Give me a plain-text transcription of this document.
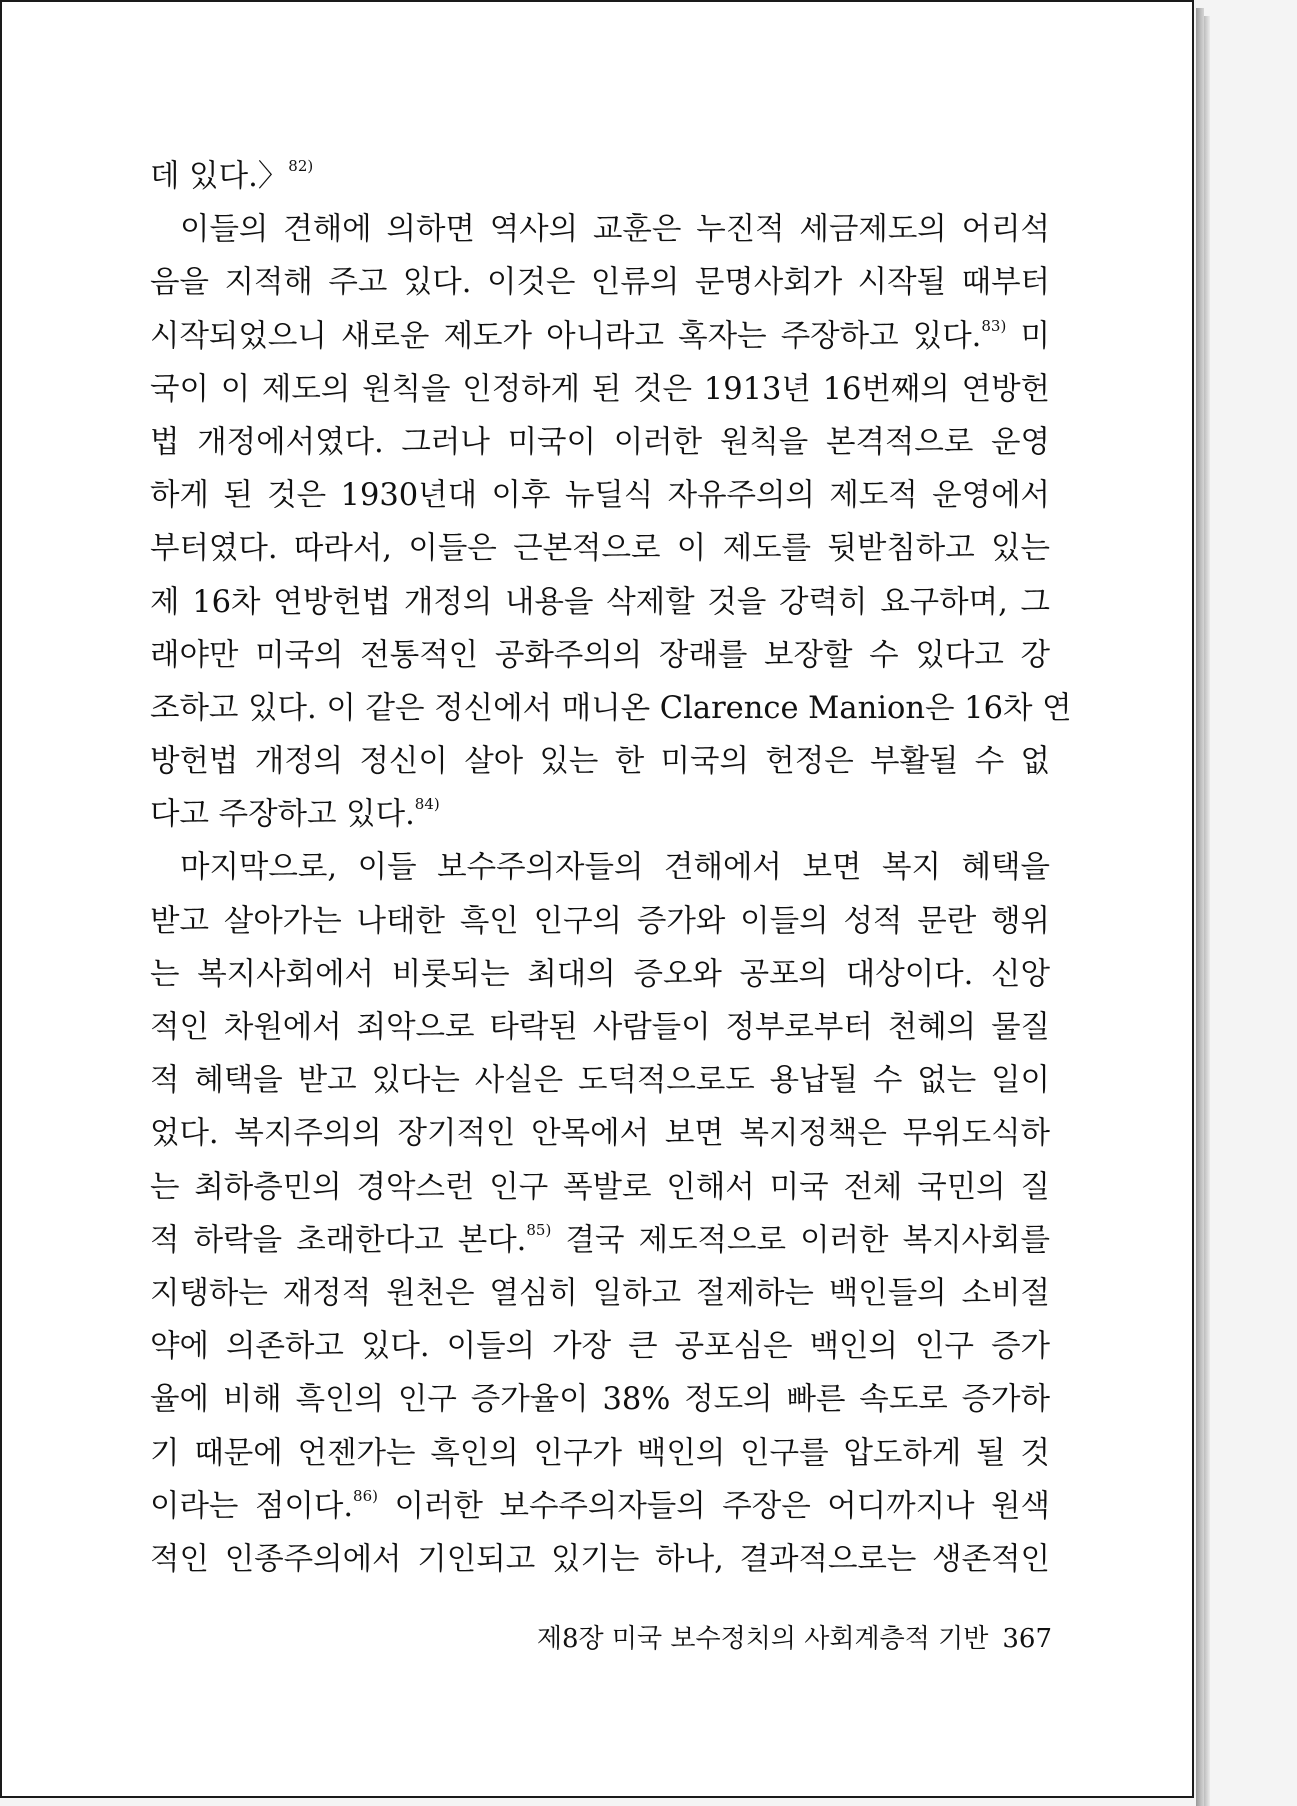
데 있다.〉$^{82)}$
이들의 견해에 의하면 역사의 교훈은 누진적 세금제도의 어리석
음을 지적해 주고 있다. 이것은 인류의 문명사회가 시작될 때부터
시작되었으니 새로운 제도가 아니라고 혹자는 주장하고 있다.$^{83)}$ 미
국이 이 제도의 원칙을 인정하게 된 것은 1913년 16번째의 연방헌
법 개정에서였다. 그러나 미국이 이러한 원칙을 본격적으로 운영
하게 된 것은 1930년대 이후 뉴딜식 자유주의의 제도적 운영에서
부터였다. 따라서, 이들은 근본적으로 이 제도를 뒷받침하고 있는
제 16차 연방헌법 개정의 내용을 삭제할 것을 강력히 요구하며, 그
래야만 미국의 전통적인 공화주의의 장래를 보장할 수 있다고 강
조하고 있다. 이 같은 정신에서 매니온 Clarence Manion은 16차 연
방헌법 개정의 정신이 살아 있는 한 미국의 헌정은 부활될 수 없
다고 주장하고 있다.$^{84)}$
마지막으로, 이들 보수주의자들의 견해에서 보면 복지 혜택을
받고 살아가는 나태한 흑인 인구의 증가와 이들의 성적 문란 행위
는 복지사회에서 비롯되는 최대의 증오와 공포의 대상이다. 신앙
적인 차원에서 죄악으로 타락된 사람들이 정부로부터 천혜의 물질
적 혜택을 받고 있다는 사실은 도덕적으로도 용납될 수 없는 일이
었다. 복지주의의 장기적인 안목에서 보면 복지정책은 무위도식하
는 최하층민의 경악스런 인구 폭발로 인해서 미국 전체 국민의 질
적 하락을 초래한다고 본다.$^{85)}$ 결국 제도적으로 이러한 복지사회를
지탱하는 재정적 원천은 열심히 일하고 절제하는 백인들의 소비절
약에 의존하고 있다. 이들의 가장 큰 공포심은 백인의 인구 증가
율에 비해 흑인의 인구 증가율이 38% 정도의 빠른 속도로 증가하
기 때문에 언젠가는 흑인의 인구가 백인의 인구를 압도하게 될 것
이라는 점이다.$^{86)}$ 이러한 보수주의자들의 주장은 어디까지나 원색
적인 인종주의에서 기인되고 있기는 하나, 결과적으로는 생존적인
제8장 미국 보수정치의 사회계층적 기반 367
